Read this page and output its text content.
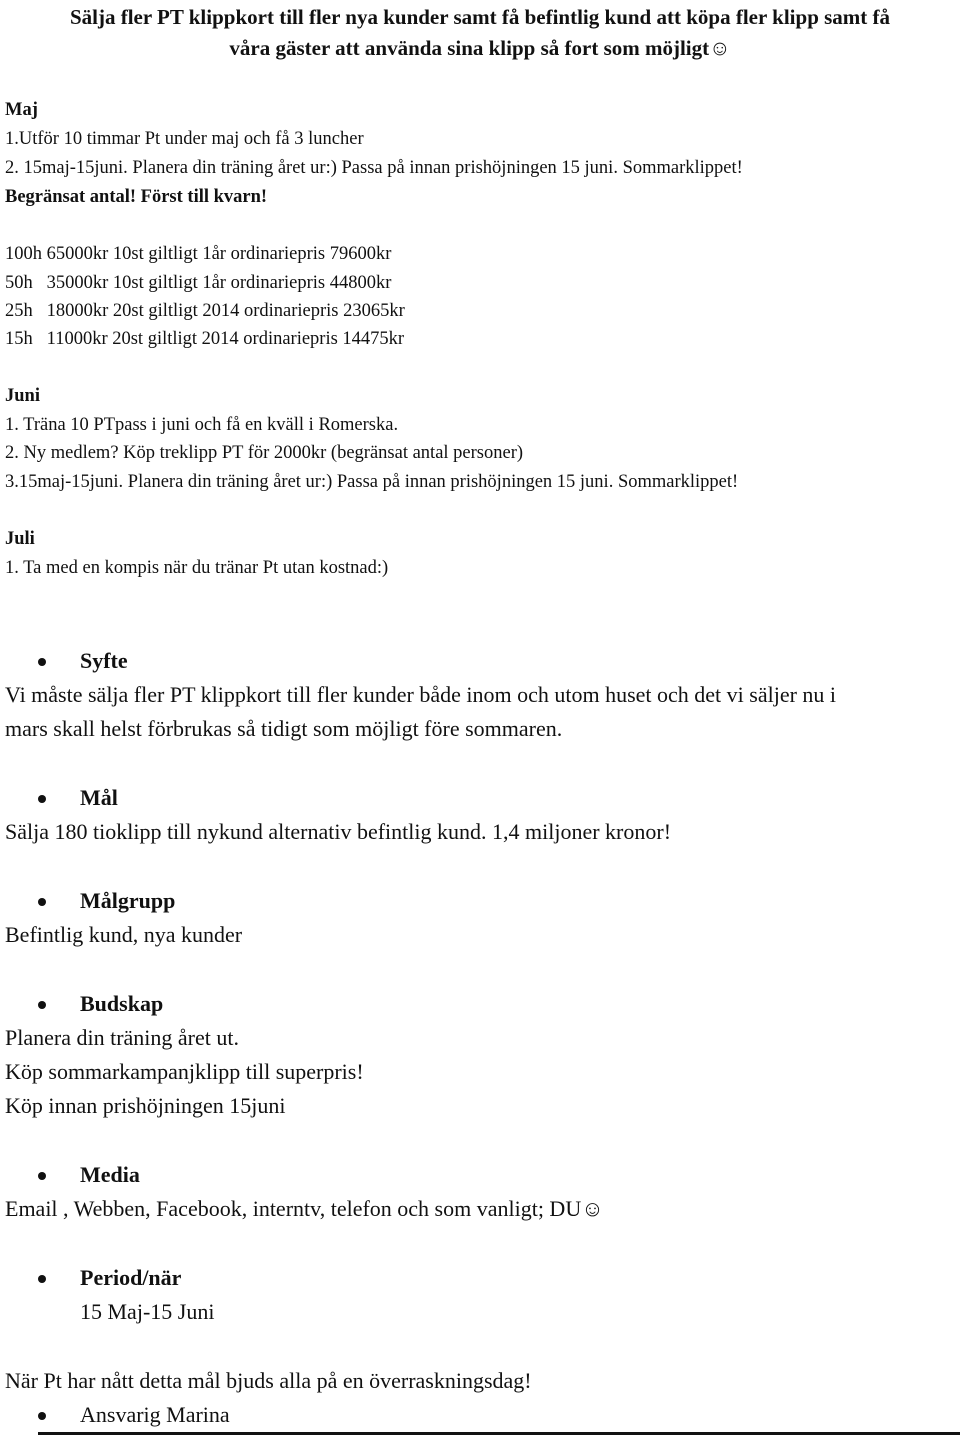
Sälja fler PT klippkort till fler nya kunder samt få befintlig kund att köpa fler klipp samt få
våra gäster att använda sina klipp så fort som möjligt☺
Maj
1.Utför 10 timmar Pt under maj och få 3 luncher
2. 15maj-15juni. Planera din träning året ur:) Passa på innan prishöjningen 15 juni. Sommarklippet!
Begränsat antal! Först till kvarn!
100h 65000kr 10st giltligt 1år ordinariepris 79600kr
50h   35000kr 10st giltligt 1år ordinariepris 44800kr
25h   18000kr 20st giltligt 2014 ordinariepris 23065kr
15h   11000kr 20st giltligt 2014 ordinariepris 14475kr
Juni
1. Träna 10 PTpass i juni och få en kväll i Romerska.
2. Ny medlem? Köp treklipp PT för 2000kr (begränsat antal personer)
3.15maj-15juni. Planera din träning året ur:) Passa på innan prishöjningen 15 juni. Sommarklippet!
Juli
1. Ta med en kompis när du tränar Pt utan kostnad:)
Syfte
Vi måste sälja fler PT klippkort till fler kunder både inom och utom huset och det vi säljer nu i
mars skall helst förbrukas så tidigt som möjligt före sommaren.
Mål
Sälja 180 tioklipp till nykund alternativ befintlig kund. 1,4 miljoner kronor!
Målgrupp
Befintlig kund, nya kunder
Budskap
Planera din träning året ut.
Köp sommarkampanjklipp till superpris!
Köp innan prishöjningen 15juni
Media
Email , Webben, Facebook, interntv, telefon och som vanligt; DU☺
Period/när
15 Maj-15 Juni
När Pt har nått detta mål bjuds alla på en överraskningsdag!
Ansvarig Marina
